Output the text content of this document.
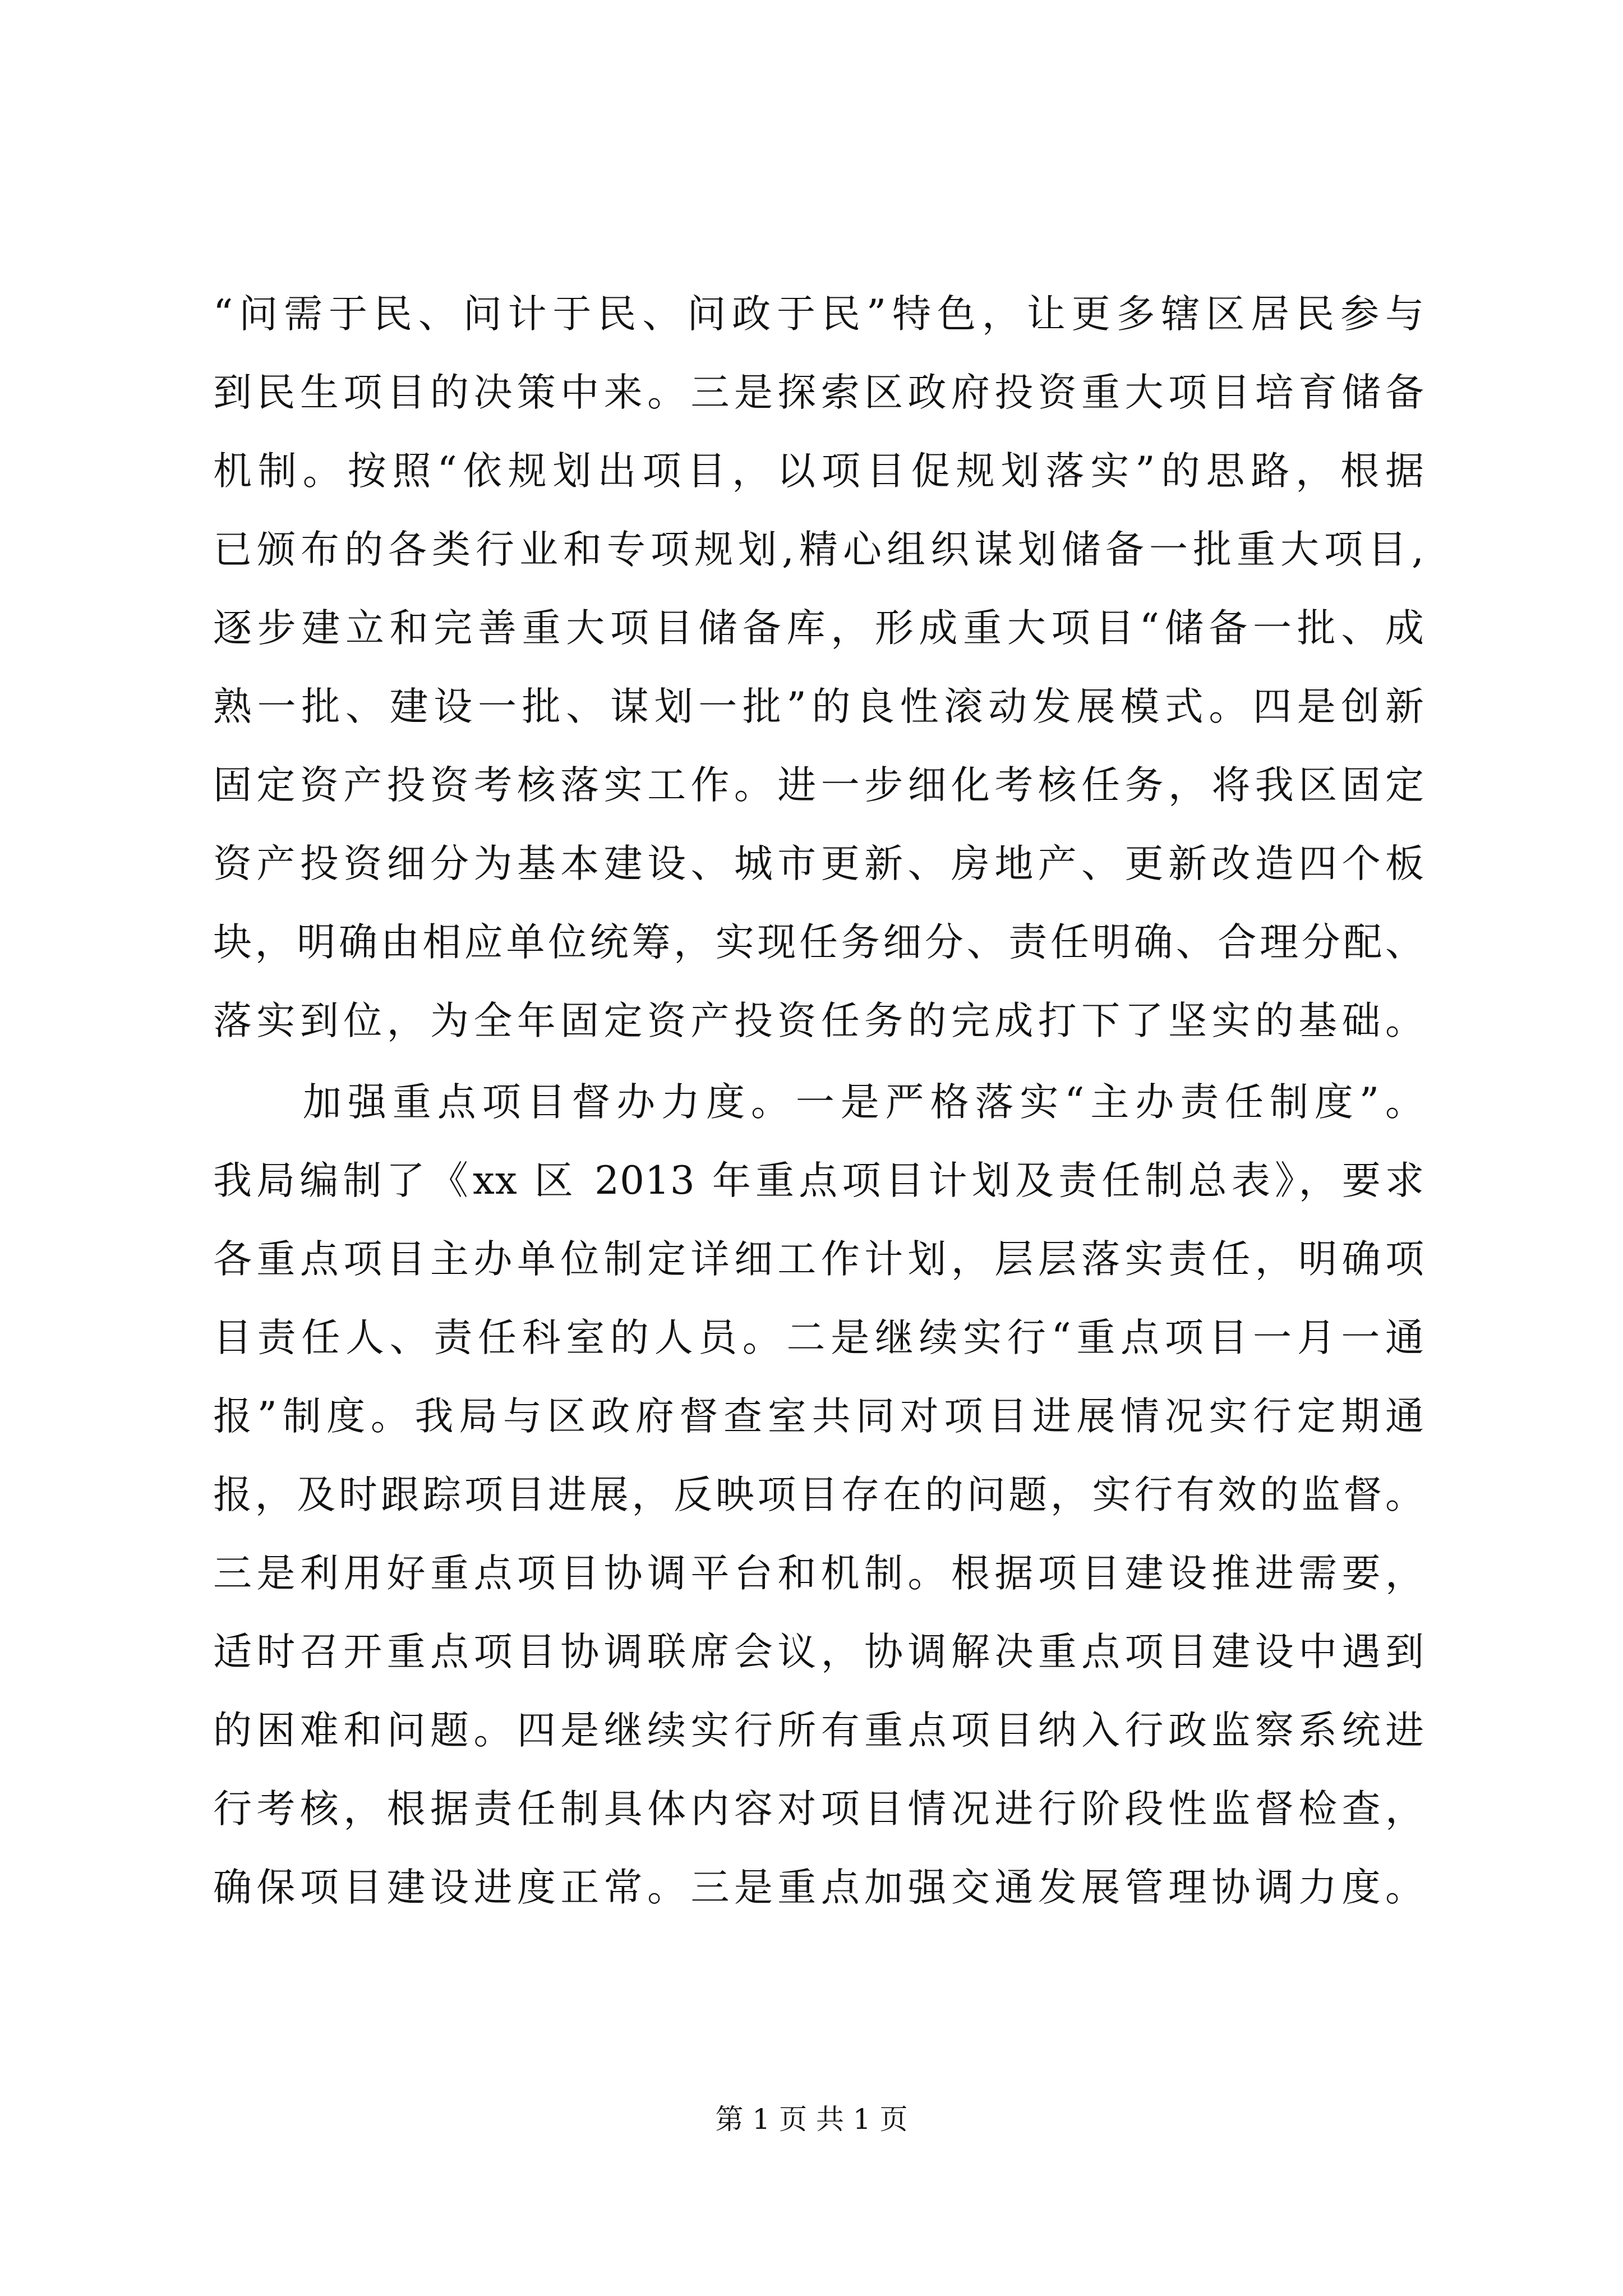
“问需于民、问计于民、问政于民”特色，让更多辖区居民参与
到民生项目的决策中来。三是探索区政府投资重大项目培育储备
机制。按照“依规划出项目，以项目促规划落实”的思路，根据
已颁布的各类行业和专项规划,精心组织谋划储备一批重大项目,
逐步建立和完善重大项目储备库，形成重大项目“储备一批、成
熟一批、建设一批、谋划一批”的良性滚动发展模式。四是创新
固定资产投资考核落实工作。进一步细化考核任务，将我区固定
资产投资细分为基本建设、城市更新、房地产、更新改造四个板
块，明确由相应单位统筹，实现任务细分、责任明确、合理分配、
落实到位，为全年固定资产投资任务的完成打下了坚实的基础。
加强重点项目督办力度。一是严格落实“主办责任制度”。
我局编制了《xx 区 2013 年重点项目计划及责任制总表》，要求
各重点项目主办单位制定详细工作计划，层层落实责任，明确项
目责任人、责任科室的人员。二是继续实行“重点项目一月一通
报”制度。我局与区政府督查室共同对项目进展情况实行定期通
报，及时跟踪项目进展，反映项目存在的问题，实行有效的监督。
三是利用好重点项目协调平台和机制。根据项目建设推进需要，
适时召开重点项目协调联席会议，协调解决重点项目建设中遇到
的困难和问题。四是继续实行所有重点项目纳入行政监察系统进
行考核，根据责任制具体内容对项目情况进行阶段性监督检查，
确保项目建设进度正常。三是重点加强交通发展管理协调力度。
第 1 页 共 1 页
